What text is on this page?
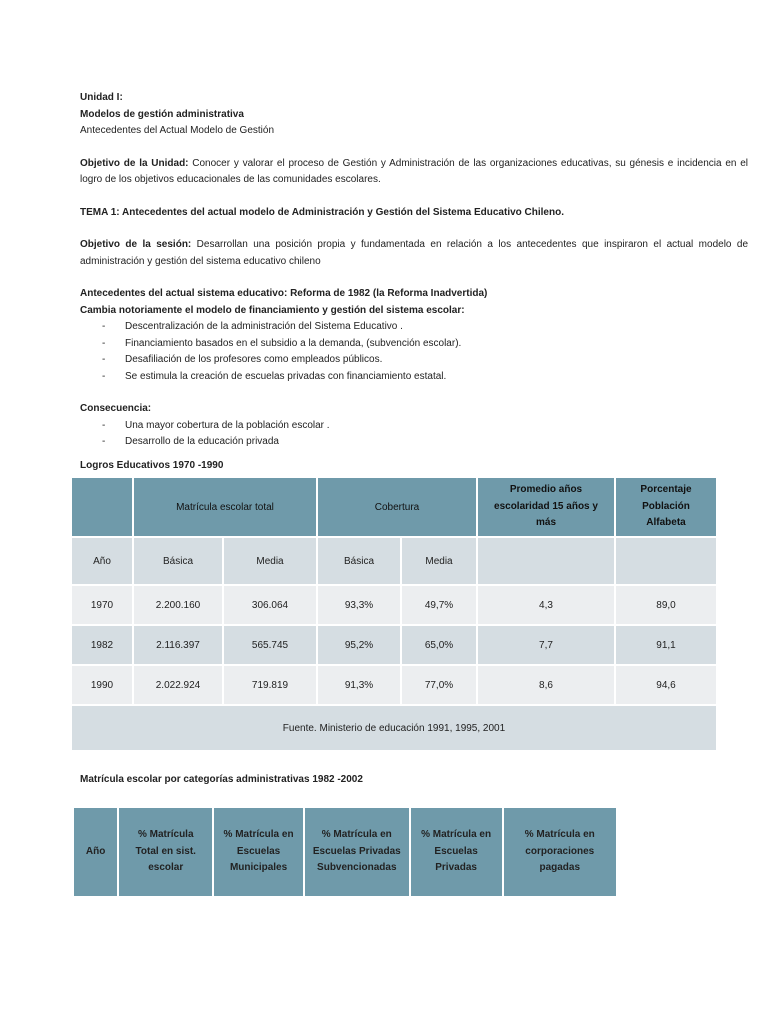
Unidad I:
Modelos de gestión administrativa
Antecedentes del Actual Modelo de Gestión
Objetivo de la Unidad: Conocer y valorar el proceso de Gestión y Administración de las organizaciones educativas, su génesis e incidencia en el logro de los objetivos educacionales de las comunidades escolares.
TEMA 1: Antecedentes del actual modelo de Administración y Gestión del Sistema Educativo Chileno.
Objetivo de la sesión: Desarrollan una posición propia y fundamentada en relación a los antecedentes que inspiraron el actual modelo de administración y gestión del sistema educativo chileno
Antecedentes del actual sistema educativo: Reforma de 1982 (la Reforma Inadvertida)
Cambia notoriamente el modelo de financiamiento y gestión del sistema escolar:
- Descentralización de la administración del Sistema Educativo .
- Financiamiento basados en el subsidio a la demanda, (subvención escolar).
- Desafiliación de los profesores como empleados públicos.
- Se estimula la creación de escuelas privadas con financiamiento estatal.
Consecuencia:
- Una mayor cobertura de la población escolar .
- Desarrollo de la educación privada
Logros Educativos 1970 -1990
	Matrícula escolar total		Cobertura		Promedio años escolaridad 15 años y más	Porcentaje Población Alfabeta
Año	Básica	Media	Básica	Media		
1970	2.200.160	306.064	93,3%	49,7%	4,3	89,0
1982	2.116.397	565.745	95,2%	65,0%	7,7	91,1
1990	2.022.924	719.819	91,3%	77,0%	8,6	94,6
Fuente. Ministerio de educación 1991, 1995, 2001						
Matrícula escolar por categorías administrativas 1982 -2002
Año	% Matrícula Total en sist. escolar	% Matrícula en Escuelas Municipales	% Matrícula en Escuelas Privadas Subvencionadas	% Matrícula en Escuelas Privadas	% Matrícula en corporaciones pagadas
